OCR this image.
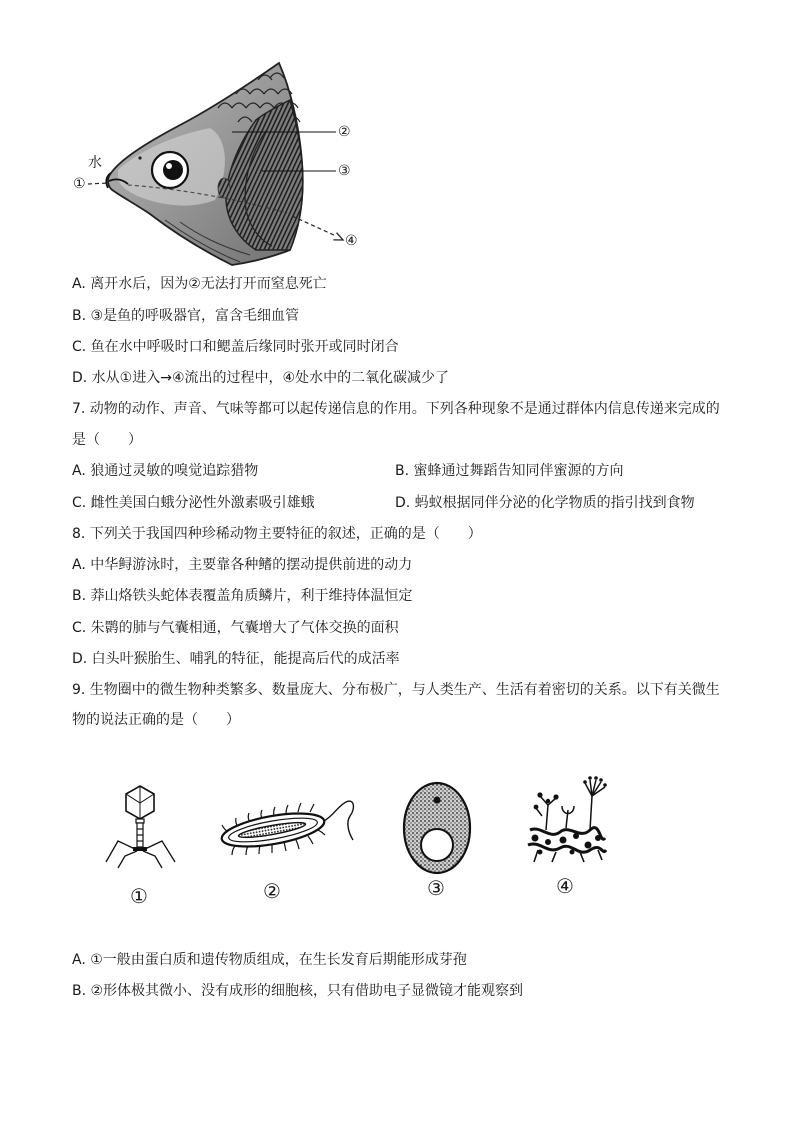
水
①
②
③
④
A. 离开水后，因为②无法打开而窒息死亡
B. ③是鱼的呼吸器官，富含毛细血管
C. 鱼在水中呼吸时口和鳃盖后缘同时张开或同时闭合
D. 水从①进入→④流出的过程中，④处水中的二氧化碳减少了
7. 动物的动作、声音、气味等都可以起传递信息的作用。下列各种现象不是通过群体内信息传递来完成的
是（　　）
A. 狼通过灵敏的嗅觉追踪猎物	B. 蜜蜂通过舞蹈告知同伴蜜源的方向
C. 雌性美国白蛾分泌性外激素吸引雄蛾	D. 蚂蚁根据同伴分泌的化学物质的指引找到食物
8. 下列关于我国四种珍稀动物主要特征的叙述，正确的是（　　）
A. 中华鲟游泳时，主要靠各种鳍的摆动提供前进的动力
B. 莽山烙铁头蛇体表覆盖角质鳞片，利于维持体温恒定
C. 朱鹮的肺与气囊相通，气囊增大了气体交换的面积
D. 白头叶猴胎生、哺乳的特征，能提高后代的成活率
9. 生物圈中的微生物种类繁多、数量庞大、分布极广，与人类生产、生活有着密切的关系。以下有关微生
物的说法正确的是（　　）
①	②	③	④
A. ①一般由蛋白质和遗传物质组成，在生长发育后期能形成芽孢
B. ②形体极其微小、没有成形的细胞核，只有借助电子显微镜才能观察到
